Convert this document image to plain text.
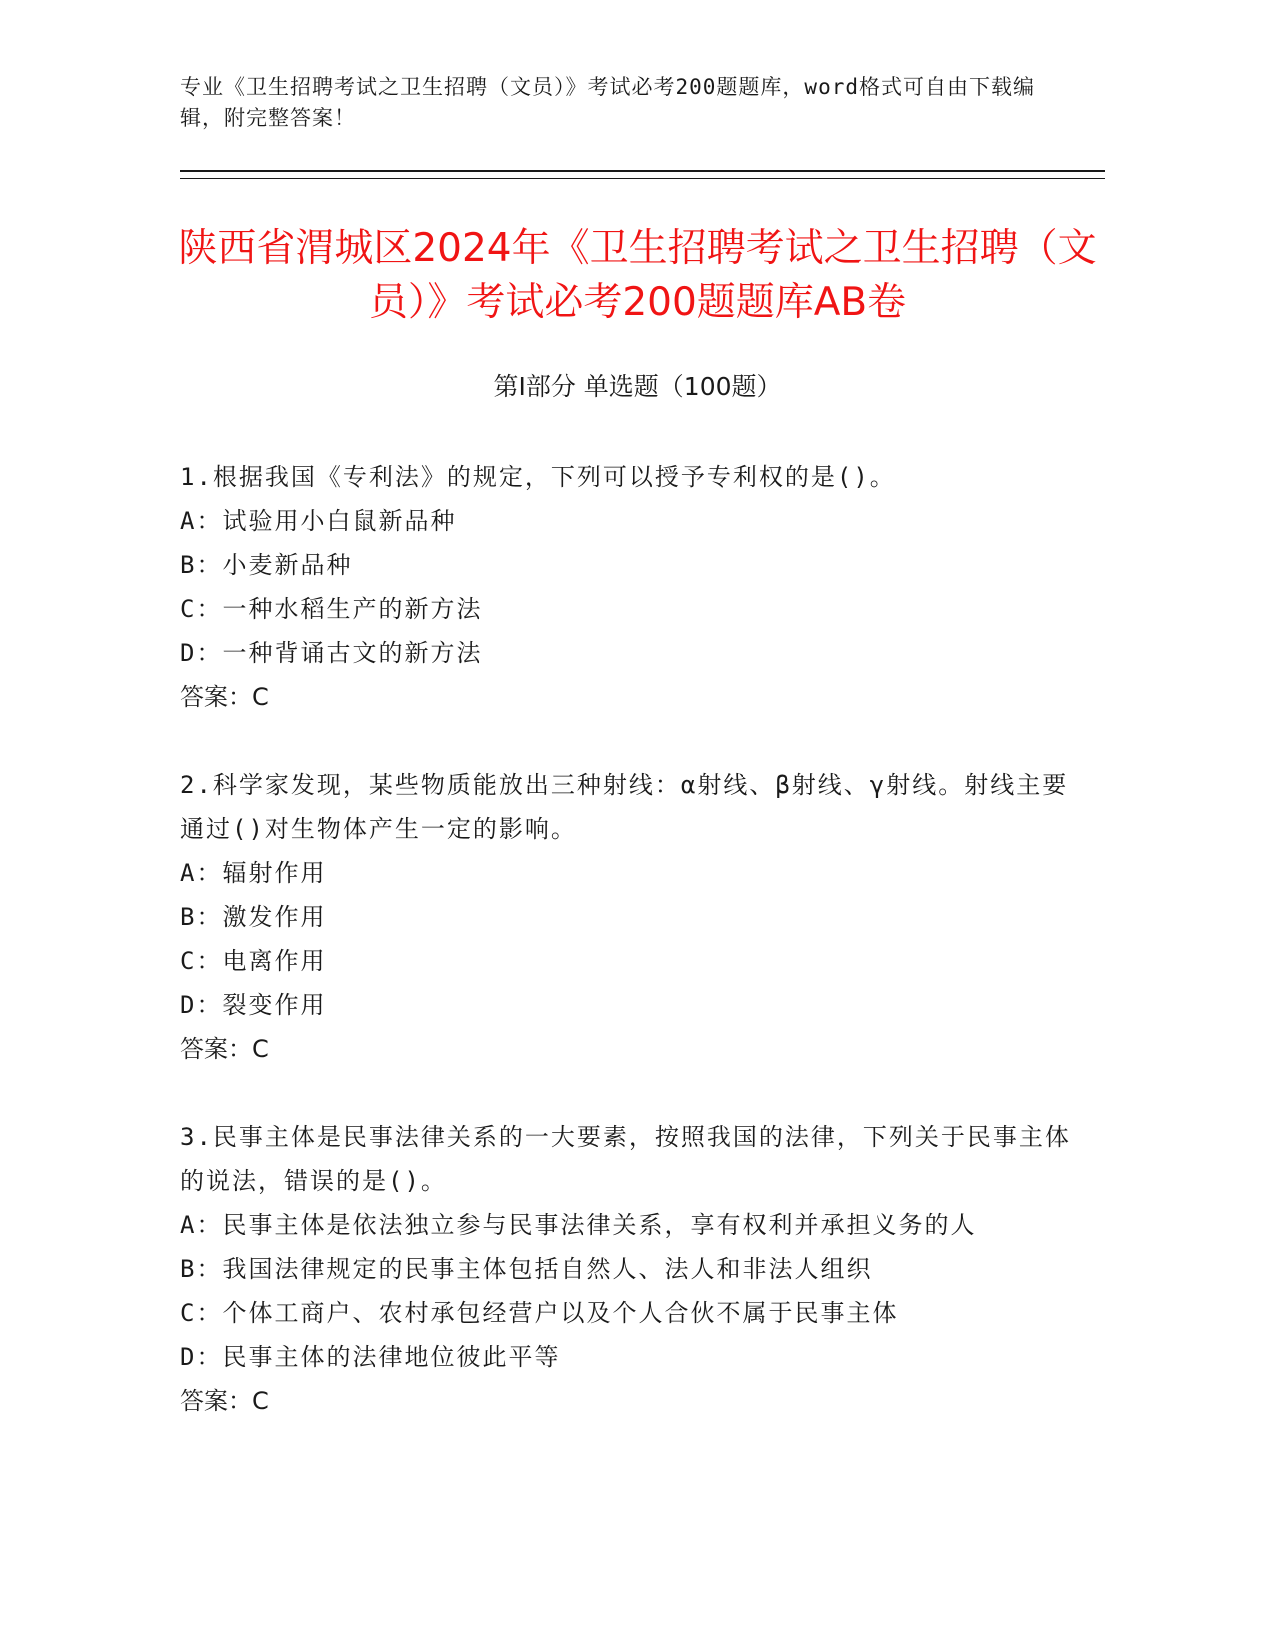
专业《卫生招聘考试之卫生招聘（文员）》考试必考200题题库，word格式可自由下载编辑，附完整答案！
陕西省渭城区2024年《卫生招聘考试之卫生招聘（文员）》考试必考200题题库AB卷
第Ⅰ部分 单选题（100题）
1.根据我国《专利法》的规定，下列可以授予专利权的是()。
A：试验用小白鼠新品种
B：小麦新品种
C：一种水稻生产的新方法
D：一种背诵古文的新方法
答案：C
2.科学家发现，某些物质能放出三种射线：α射线、β射线、γ射线。射线主要通过()对生物体产生一定的影响。
A：辐射作用
B：激发作用
C：电离作用
D：裂变作用
答案：C
3.民事主体是民事法律关系的一大要素，按照我国的法律，下列关于民事主体的说法，错误的是()。
A：民事主体是依法独立参与民事法律关系，享有权利并承担义务的人
B：我国法律规定的民事主体包括自然人、法人和非法人组织
C：个体工商户、农村承包经营户以及个人合伙不属于民事主体
D：民事主体的法律地位彼此平等
答案：C
